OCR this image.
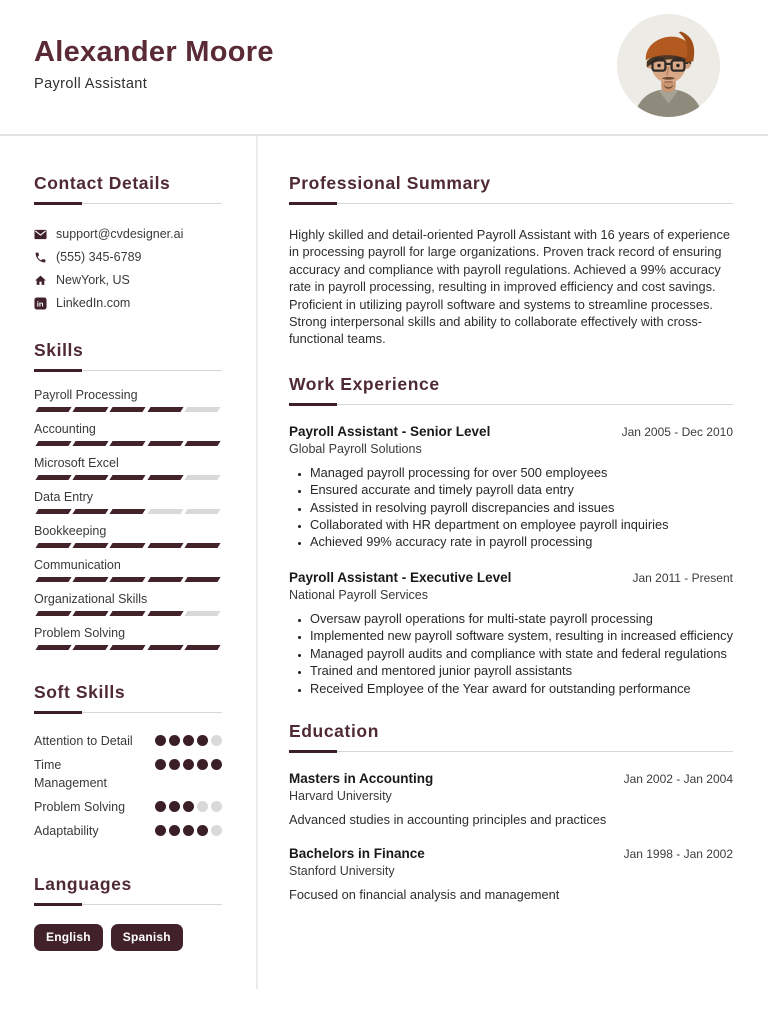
Alexander Moore

Payroll Assistant

Contact Details
support@cvdesigner.ai
(555) 345-6789
NewYork, US
in LinkedIn.com
Skills
Payroll Processing
Accounting
Microsoft Excel
Data Entry
Bookkeeping
Communication
Organizational Skills
Problem Solving
Soft Skills
Attention to Detail
Time Management
Problem Solving
Adaptability
Languages
English	Spanish
Professional Summary

Highly skilled and detail-oriented Payroll Assistant with 16 years of experience in processing payroll for large organizations. Proven track record of ensuring accuracy and compliance with payroll regulations. Achieved a 99% accuracy rate in payroll processing, resulting in improved efficiency and cost savings. Proficient in utilizing payroll software and systems to streamline processes. Strong interpersonal skills and ability to collaborate effectively with cross-functional teams.

Work Experience
Payroll Assistant - Senior Level	Jan 2005 - Dec 2010
Global Payroll Solutions
• Managed payroll processing for over 500 employees
• Ensured accurate and timely payroll data entry
• Assisted in resolving payroll discrepancies and issues
• Collaborated with HR department on employee payroll inquiries
• Achieved 99% accuracy rate in payroll processing
Payroll Assistant - Executive Level	Jan 2011 - Present
National Payroll Services
• Oversaw payroll operations for multi-state payroll processing
• Implemented new payroll software system, resulting in increased efficiency
• Managed payroll audits and compliance with state and federal regulations
• Trained and mentored junior payroll assistants
• Received Employee of the Year award for outstanding performance
Education
Masters in Accounting	Jan 2002 - Jan 2004
Harvard University
Advanced studies in accounting principles and practices
Bachelors in Finance	Jan 1998 - Jan 2002
Stanford University
Focused on financial analysis and management
